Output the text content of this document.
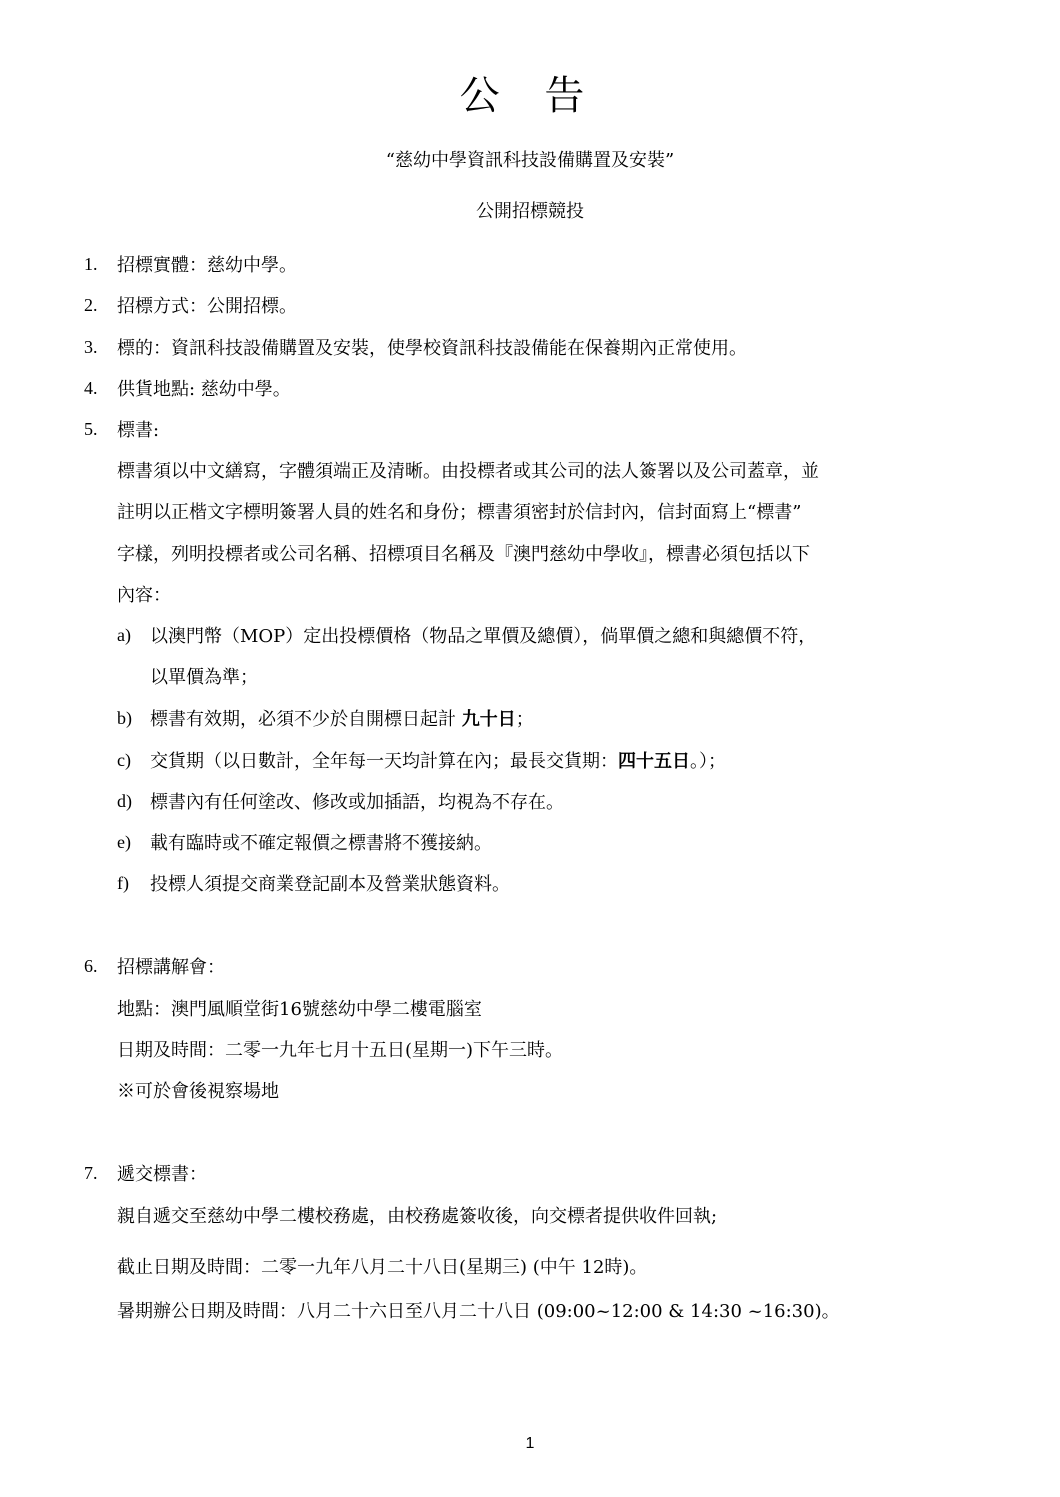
公 告
“慈幼中學資訊科技設備購置及安裝”
公開招標競投
1. 招標實體：慈幼中學。
2. 招標方式：公開招標。
3. 標的：資訊科技設備購置及安裝，使學校資訊科技設備能在保養期內正常使用。
4. 供貨地點: 慈幼中學。
5. 標書:
標書須以中文繕寫，字體須端正及清晰。由投標者或其公司的法人簽署以及公司蓋章，並
註明以正楷文字標明簽署人員的姓名和身份；標書須密封於信封內，信封面寫上“標書”
字樣，列明投標者或公司名稱、招標項目名稱及『澳門慈幼中學收』，標書必須包括以下
內容：
a) 以澳門幣（MOP）定出投標價格（物品之單價及總價），倘單價之總和與總價不符，
以單價為準；
b) 標書有效期，必須不少於自開標日起計 九十日；
c) 交貨期（以日數計，全年每一天均計算在內；最長交貨期：四十五日。）；
d) 標書內有任何塗改、修改或加插語，均視為不存在。
e) 載有臨時或不確定報價之標書將不獲接納。
f) 投標人須提交商業登記副本及營業狀態資料。
6. 招標講解會：
地點：澳門風順堂街16號慈幼中學二樓電腦室
日期及時間：二零一九年七月十五日(星期一)下午三時。
※可於會後視察場地
7. 遞交標書：
親自遞交至慈幼中學二樓校務處，由校務處簽收後，向交標者提供收件回執;
截止日期及時間：二零一九年八月二十八日(星期三) (中午 12時)。
暑期辦公日期及時間：八月二十六日至八月二十八日 (09:00~12:00 & 14:30 ~16:30)。
1
